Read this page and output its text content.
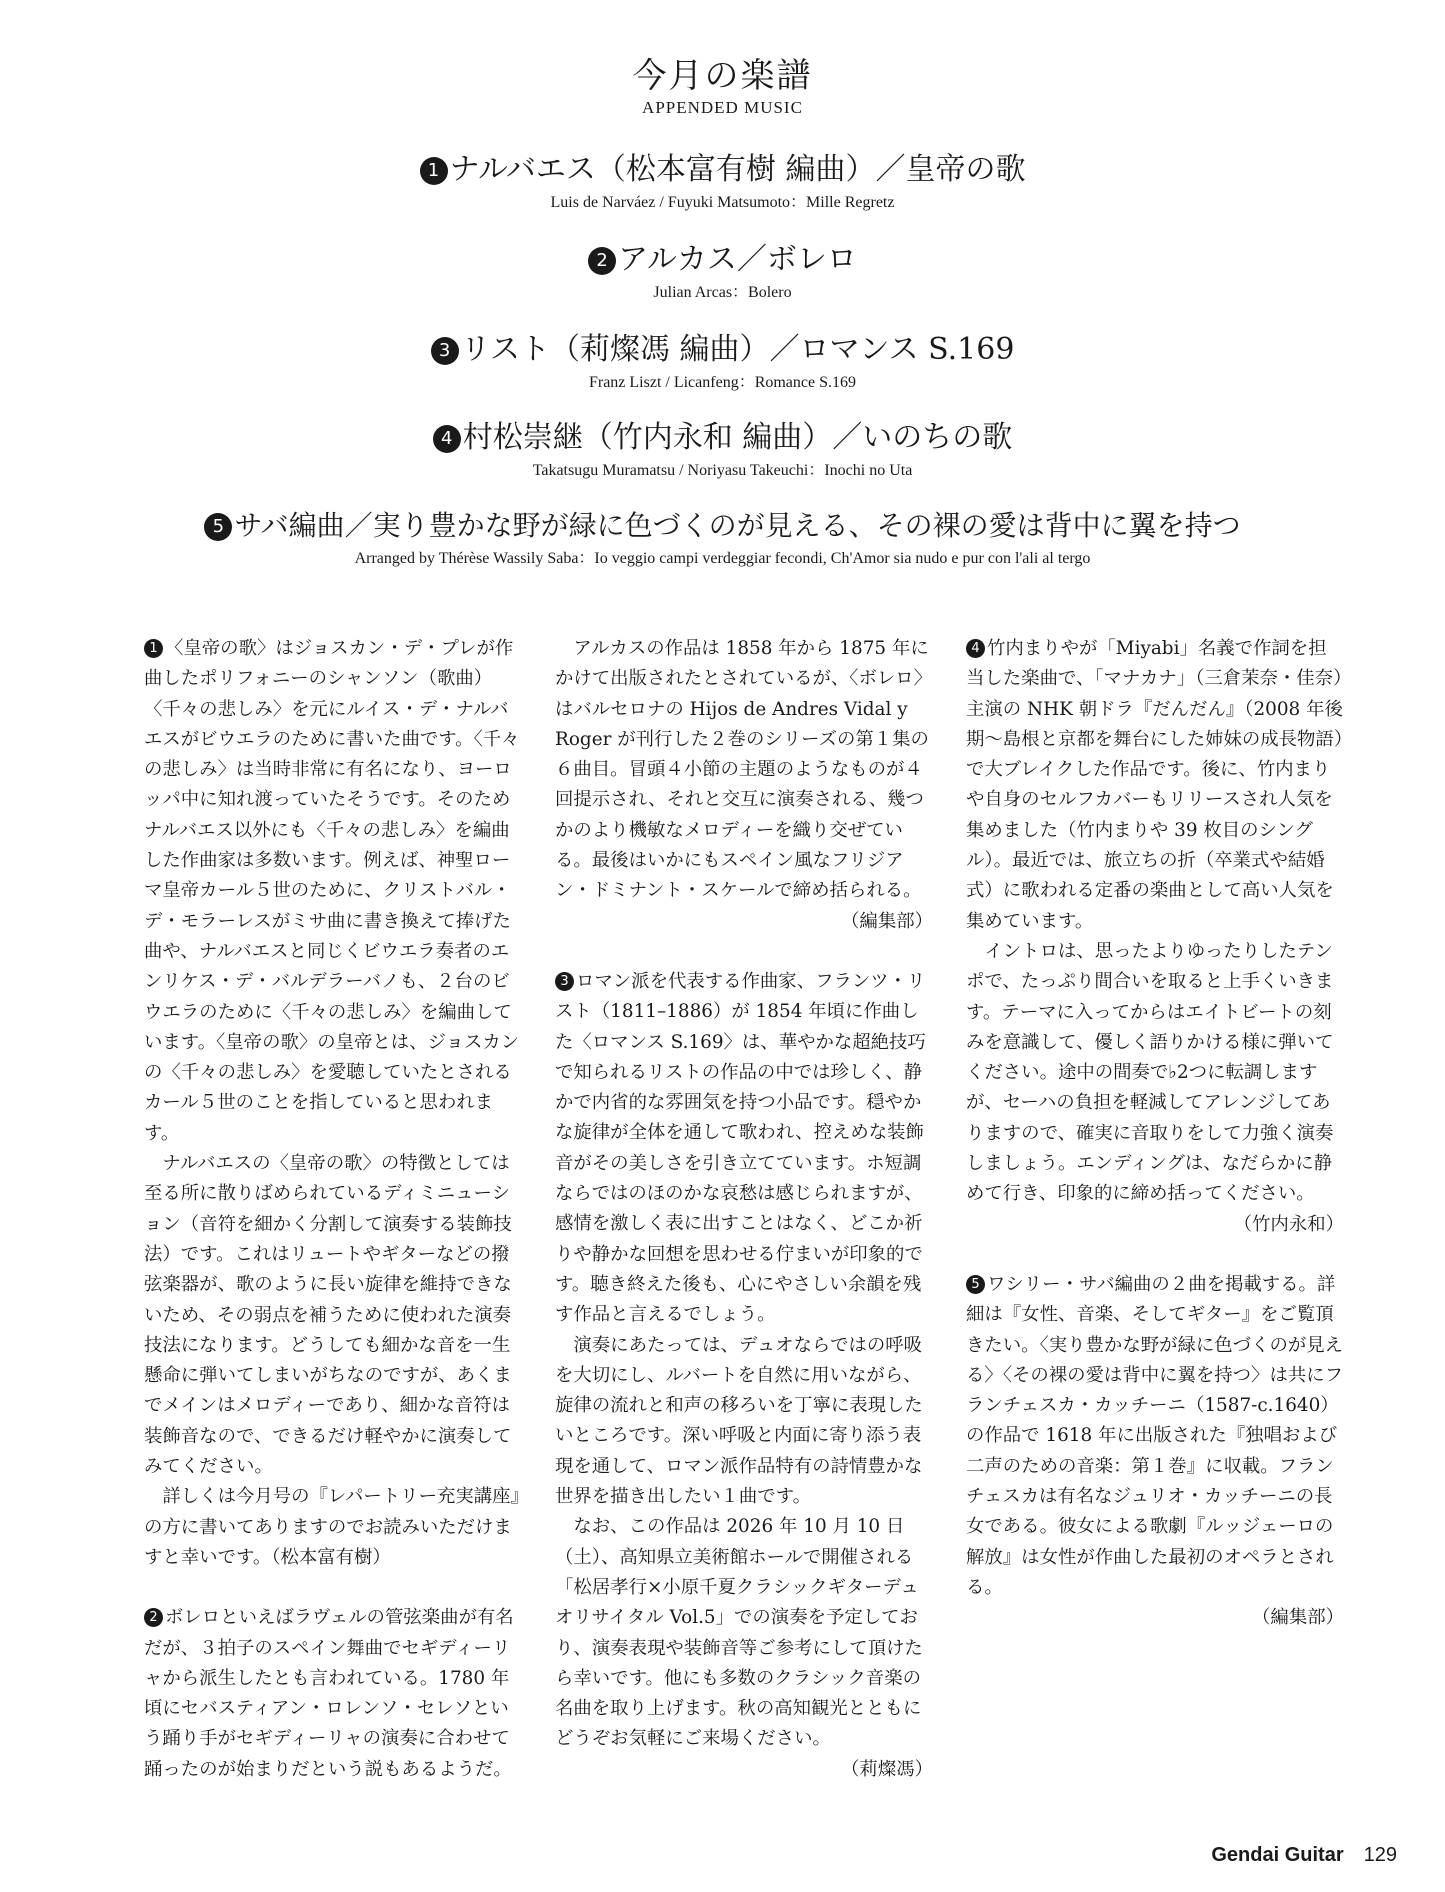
今月の楽譜
APPENDED MUSIC
1 ナルバエス（松本富有樹 編曲）／皇帝の歌
Luis de Narváez / Fuyuki Matsumoto：Mille Regretz
2 アルカス／ボレロ
Julian Arcas：Bolero
3 リスト（莉燦馮 編曲）／ロマンス S.169
Franz Liszt / Licanfeng：Romance S.169
4 村松崇継（竹内永和 編曲）／いのちの歌
Takatsugu Muramatsu / Noriyasu Takeuchi：Inochi no Uta
5 サバ編曲／実り豊かな野が緑に色づくのが見える、その裸の愛は背中に翼を持つ
Arranged by Thérèse Wassily Saba：Io veggio campi verdeggiar fecondi, Ch'Amor sia nudo e pur con l'ali al tergo

1 〈皇帝の歌〉はジョスカン・デ・プレが作曲したポリフォニーのシャンソン（歌曲）〈千々の悲しみ〉を元にルイス・デ・ナルバエスがビウエラのために書いた曲です。〈千々の悲しみ〉は当時非常に有名になり、ヨーロッパ中に知れ渡っていたそうです。そのためナルバエス以外にも〈千々の悲しみ〉を編曲した作曲家は多数います。例えば、神聖ローマ皇帝カール５世のために、クリストバル・デ・モラーレスがミサ曲に書き換えて捧げた曲や、ナルバエスと同じくビウエラ奏者のエンリケス・デ・バルデラーバノも、２台のビウエラのために〈千々の悲しみ〉を編曲しています。〈皇帝の歌〉の皇帝とは、ジョスカンの〈千々の悲しみ〉を愛聴していたとされるカール５世のことを指していると思われます。

ナルバエスの〈皇帝の歌〉の特徴としては至る所に散りばめられているディミニューション（音符を細かく分割して演奏する装飾技法）です。これはリュートやギターなどの撥弦楽器が、歌のように長い旋律を維持できないため、その弱点を補うために使われた演奏技法になります。どうしても細かな音を一生懸命に弾いてしまいがちなのですが、あくまでメインはメロディーであり、細かな音符は装飾音なので、できるだけ軽やかに演奏してみてください。

詳しくは今月号の『レパートリー充実講座』の方に書いてありますのでお読みいただけますと幸いです。（松本富有樹）

2 ボレロといえばラヴェルの管弦楽曲が有名だが、３拍子のスペイン舞曲でセギディーリャから派生したとも言われている。1780 年頃にセバスティアン・ロレンソ・セレソという踊り手がセギディーリャの演奏に合わせて踊ったのが始まりだという説もあるようだ。

アルカスの作品は 1858 年から 1875 年にかけて出版されたとされているが、〈ボレロ〉はバルセロナの Hijos de Andres Vidal y Roger が刊行した２巻のシリーズの第１集の６曲目。冒頭４小節の主題のようなものが４回提示され、それと交互に演奏される、幾つかのより機敏なメロディーを織り交ぜている。最後はいかにもスペイン風なフリジアン・ドミナント・スケールで締め括られる。
（編集部）

3 ロマン派を代表する作曲家、フランツ・リスト（1811–1886）が 1854 年頃に作曲した〈ロマンス S.169〉は、華やかな超絶技巧で知られるリストの作品の中では珍しく、静かで内省的な雰囲気を持つ小品です。穏やかな旋律が全体を通して歌われ、控えめな装飾音がその美しさを引き立てています。ホ短調ならではのほのかな哀愁は感じられますが、感情を激しく表に出すことはなく、どこか祈りや静かな回想を思わせる佇まいが印象的です。聴き終えた後も、心にやさしい余韻を残す作品と言えるでしょう。

演奏にあたっては、デュオならではの呼吸を大切にし、ルバートを自然に用いながら、旋律の流れと和声の移ろいを丁寧に表現したいところです。深い呼吸と内面に寄り添う表現を通して、ロマン派作品特有の詩情豊かな世界を描き出したい１曲です。

なお、この作品は 2026 年 10 月 10 日（土）、高知県立美術館ホールで開催される「松居孝行×小原千夏クラシックギターデュオリサイタル Vol.5」での演奏を予定しており、演奏表現や装飾音等ご参考にして頂けたら幸いです。他にも多数のクラシック音楽の名曲を取り上げます。秋の高知観光とともにどうぞお気軽にご来場ください。
（莉燦馮）

4 竹内まりやが「Miyabi」名義で作詞を担当した楽曲で、「マナカナ」（三倉茉奈・佳奈）主演の NHK 朝ドラ『だんだん』（2008 年後期〜島根と京都を舞台にした姉妹の成長物語）で大ブレイクした作品です。後に、竹内まりや自身のセルフカバーもリリースされ人気を集めました（竹内まりや 39 枚目のシングル）。最近では、旅立ちの折（卒業式や結婚式）に歌われる定番の楽曲として高い人気を集めています。

イントロは、思ったよりゆったりしたテンポで、たっぷり間合いを取ると上手くいきます。テーマに入ってからはエイトビートの刻みを意識して、優しく語りかける様に弾いてください。途中の間奏で♭2つに転調しますが、セーハの負担を軽減してアレンジしてありますので、確実に音取りをして力強く演奏しましょう。エンディングは、なだらかに静めて行き、印象的に締め括ってください。
（竹内永和）

5 ワシリー・サバ編曲の２曲を掲載する。詳細は『女性、音楽、そしてギター』をご覧頂きたい。〈実り豊かな野が緑に色づくのが見える〉〈その裸の愛は背中に翼を持つ〉は共にフランチェスカ・カッチーニ（1587-c.1640）の作品で 1618 年に出版された『独唱および二声のための音楽：第１巻』に収載。フランチェスカは有名なジュリオ・カッチーニの長女である。彼女による歌劇『ルッジェーロの解放』は女性が作曲した最初のオペラとされる。
（編集部）

Gendai Guitar 129
